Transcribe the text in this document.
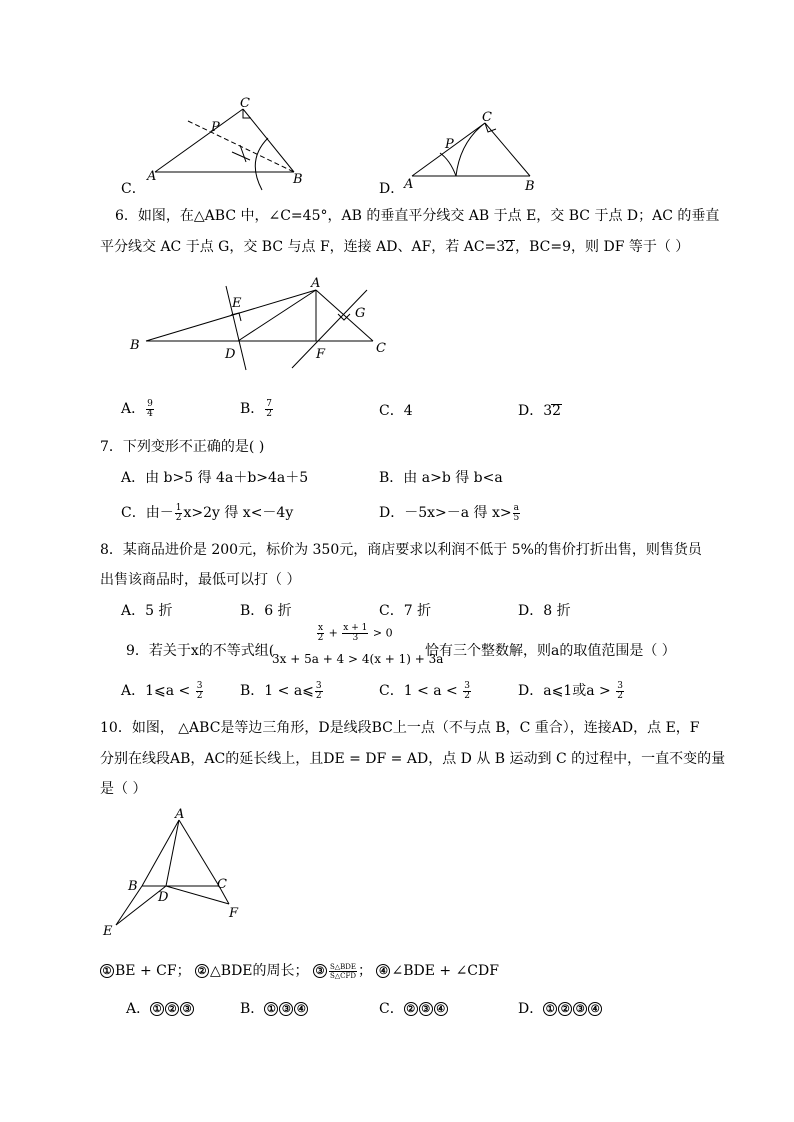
A	B
C
P
A	B
C
P
C．	D．
6．如图，在△ABC 中，∠C=45°，AB 的垂直平分线交 AB 于点 E，交 BC 于点 D；AC 的垂直
平分线交 AC 于点 G，交 BC 与点 F，连接 AD、AF，若 AC=32，BC=9，则 DF 等于（ ）
A
B	C
D
E
F
G
A． $\frac{9}{4}$	B． $\frac{7}{2}$	C．4	D．32
7．下列变形不正确的是( )
A．由 b>5 得 4a＋b>4a＋5	B．由 a>b 得 b<a
C．由－ $\frac{1}{2} x>2y$ 得 x<－4y	D．－5x>－a 得 $x> \frac{a}{5}$
8．某商品进价是 200元，标价为 350元，商店要求以利润不低于 5%的售价打折出售，则售货员
出售该商品时，最低可以打（ ）
A．5 折	B．6 折	C．7 折	D．8 折
9．若关于x的不等式组(
$\frac{x}{2} + \frac{x + 1}{3} > 0$
3x + 5a + 4 > 4(x + 1) + 3a
恰有三个整数解，则a的取值范围是（ ）
A．1⩽a < $\frac{3}{2}$	B．1 < a⩽ $\frac{3}{2}$	C．$1 < a < \frac{3}{2}$	D．a⩽1或$a > \frac{3}{2}$
10．如图， △ABC是等边三角形，D是线段BC上一点（不与点 B，C 重合），连接AD，点 E，F
分别在线段AB，AC的延长线上，且DE = DF = AD，点 D 从 B 运动到 C 的过程中，一直不变的量
是（ ）
A
B	C
D
E
F
① BE + CF； ② △BDE的周长； ③ $\frac{\text{S△BDE}}{\text{S△CFD}}$ ； ④ ∠BDE + ∠CDF
A． ① ② ③	B． ① ③ ④	C． ② ③ ④	D． ① ② ③ ④
